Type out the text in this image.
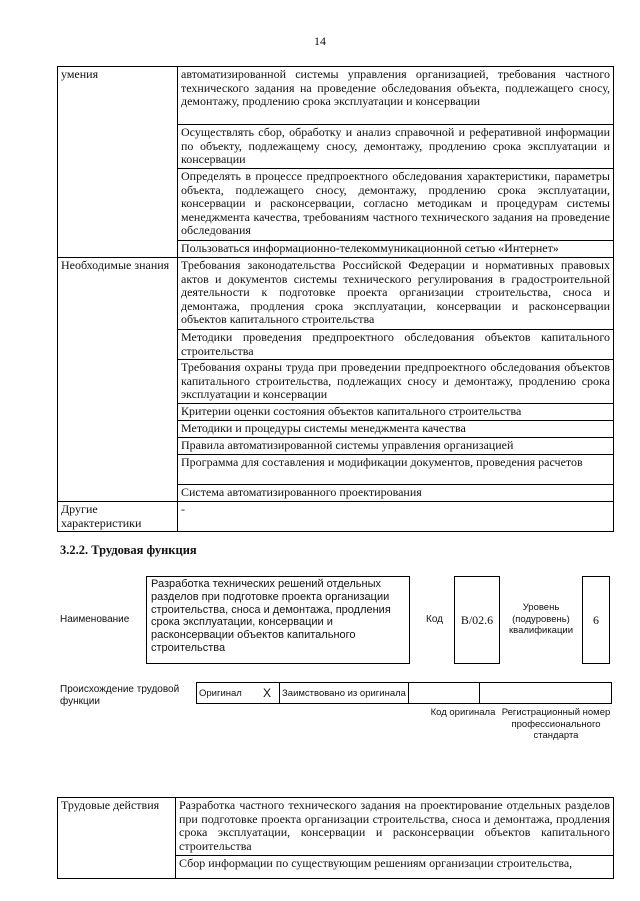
14
умения	автоматизированной системы управления организацией, требования частного технического задания на проведение обследования объекта, подлежащего сносу, демонтажу, продлению срока эксплуатации и консервации
	Осуществлять сбор, обработку и анализ справочной и реферативной информации по объекту, подлежащему сносу, демонтажу, продлению срока эксплуатации и консервации
	Определять в процессе предпроектного обследования характеристики, параметры объекта, подлежащего сносу, демонтажу, продлению срока эксплуатации, консервации и расконсервации, согласно методикам и процедурам системы менеджмента качества, требованиям частного технического задания на проведение обследования
	Пользоваться информационно-телекоммуникационной сетью «Интернет»
Необходимые знания	Требования законодательства Российской Федерации и нормативных правовых актов и документов системы технического регулирования в градостроительной деятельности к подготовке проекта организации строительства, сноса и демонтажа, продления срока эксплуатации, консервации и расконсервации объектов капитального строительства
	Методики проведения предпроектного обследования объектов капитального строительства
	Требования охраны труда при проведении предпроектного обследования объектов капитального строительства, подлежащих сносу и демонтажу, продлению срока эксплуатации и консервации
	Критерии оценки состояния объектов капитального строительства
	Методики и процедуры системы менеджмента качества
	Правила автоматизированной системы управления организацией
	Программа для составления и модификации документов, проведения расчетов
	Система автоматизированного проектирования
Другие характеристики	-
3.2.2. Трудовая функция
Наименование
Разработка технических решений отдельных разделов при подготовке проекта организации строительства, сноса и демонтажа, продления срока эксплуатации, консервации и расконсервации объектов капитального строительства
Код B/02.6
Уровень (подуровень) квалификации
6
Происхождение трудовой функции
Оригинал	X	Заимствовано из оригинала		
Код оригинала Регистрационный номер профессионального стандарта
Трудовые действия	Разработка частного технического задания на проектирование отдельных разделов при подготовке проекта организации строительства, сноса и демонтажа, продления срока эксплуатации, консервации и расконсервации объектов капитального строительства
Сбор информации по существующим решениям организации строительства,
